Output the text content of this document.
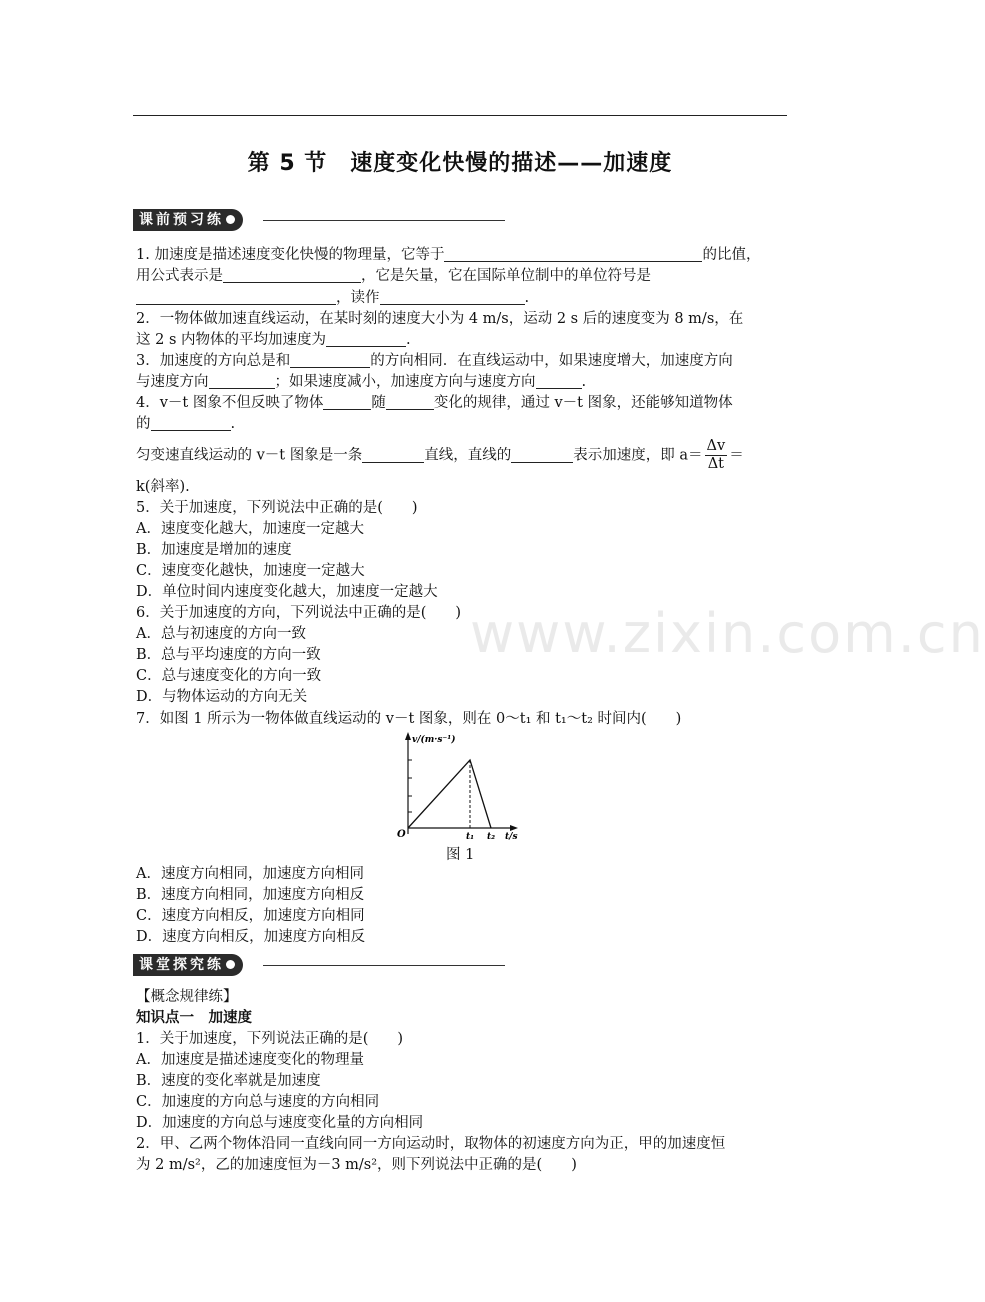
第 5 节　速度变化快慢的描述——加速度
课前预习练
1. 加速度是描述速度变化快慢的物理量，它等于	的比值，
用公式表示是	，它是矢量，它在国际单位制中的单位符号是
，读作	.
2．一物体做加速直线运动，在某时刻的速度大小为 4 m/s，运动 2 s 后的速度变为 8 m/s，在
这 2 s 内物体的平均加速度为	.
3．加速度的方向总是和	的方向相同．在直线运动中，如果速度增大，加速度方向
与速度方向	；如果速度减小，加速度方向与速度方向	.
4．v－t 图象不但反映了物体	随	变化的规律，通过 v－t 图象，还能够知道物体
的	.
匀变速直线运动的 v－t 图象是一条	直线，直线的	表示加速度，即 $a= \frac{\Delta v}{\Delta t}$ ＝
k(斜率).
5．关于加速度，下列说法中正确的是(　　)
A．速度变化越大，加速度一定越大
B．加速度是增加的速度
C．速度变化越快，加速度一定越大
D．单位时间内速度变化越大，加速度一定越大
6．关于加速度的方向，下列说法中正确的是(　　)
A．总与初速度的方向一致
B．总与平均速度的方向一致
C．总与速度变化的方向一致
D．与物体运动的方向无关
7．如图 1 所示为一物体做直线运动的 v－t 图象，则在 0～t₁ 和 t₁～t₂ 时间内(　　)
v/(m·s⁻¹)
O	t₁ t₂ t/s
图 1
A．速度方向相同，加速度方向相同
B．速度方向相同，加速度方向相反
C．速度方向相反，加速度方向相同
D．速度方向相反，加速度方向相反
课堂探究练
【概念规律练】
知识点一　加速度
1．关于加速度，下列说法正确的是(　　)
A．加速度是描述速度变化的物理量
B．速度的变化率就是加速度
C．加速度的方向总与速度的方向相同
D．加速度的方向总与速度变化量的方向相同
2．甲、乙两个物体沿同一直线向同一方向运动时，取物体的初速度方向为正，甲的加速度恒
为 2 m/s²，乙的加速度恒为－3 m/s²，则下列说法中正确的是(　　)
www.zixin.com.cn
